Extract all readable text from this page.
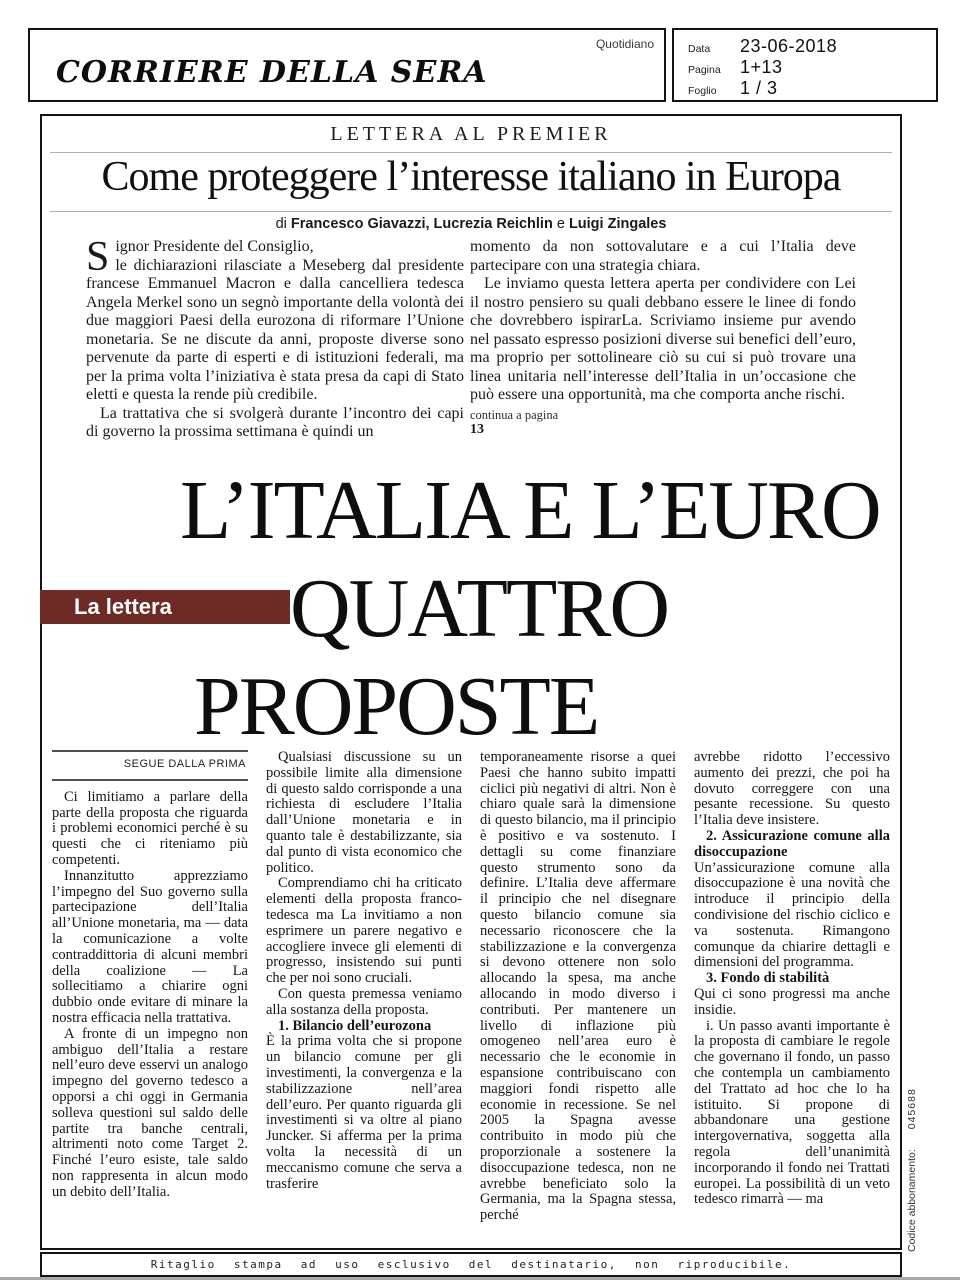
CORRIERE DELLA SERA
Quotidiano	Data	23-06-2018
Pagina	1+13
Foglio	1 / 3
LETTERA AL PREMIER
Come proteggere l’interesse italiano in Europa
di Francesco Giavazzi, Lucrezia Reichlin e Luigi Zingales

Signor Presidente del Consiglio,
le dichiarazioni rilasciate a Meseberg dal presidente francese Emmanuel Macron e dalla cancelliera tedesca Angela Merkel sono un segnò importante della volontà dei due maggiori Paesi della eurozona di riformare l’Unione monetaria. Se ne discute da anni, proposte diverse sono pervenute da parte di esperti e di istituzioni federali, ma per la prima volta l’iniziativa è stata presa da capi di Stato eletti e questa la rende più credibile.

La trattativa che si svolgerà durante l’incontro dei capi di governo la prossima settimana è quindi un

momento da non sottovalutare e a cui l’Italia deve partecipare con una strategia chiara.

Le inviamo questa lettera aperta per condividere con Lei il nostro pensiero su quali debbano essere le linee di fondo che dovrebbero ispirarLa. Scriviamo insieme pur avendo nel passato espresso posizioni diverse sui benefici dell’euro, ma proprio per sottolineare ciò su cui si può trovare una linea unitaria nell’interesse dell’Italia in un’occasione che può essere una opportunità, ma che comporta anche rischi.

continua a pagina
13
L’ITALIA E L’EURO
QUATTRO
PROPOSTE
La lettera
SEGUE DALLA PRIMA

Ci limitiamo a parlare della parte della proposta che riguarda i problemi economici perché è su questi che ci riteniamo più competenti.

Innanzitutto apprezziamo l’impegno del Suo governo sulla partecipazione dell’Italia all’Unione monetaria, ma — data la comunicazione a volte contraddittoria di alcuni membri della coalizione — La sollecitiamo a chiarire ogni dubbio onde evitare di minare la nostra efficacia nella trattativa.

A fronte di un impegno non ambiguo dell’Italia a restare nell’euro deve esservi un analogo impegno del governo tedesco a opporsi a chi oggi in Germania solleva questioni sul saldo delle partite tra banche centrali, altrimenti noto come Target 2. Finché l’euro esiste, tale saldo non rappresenta in alcun modo un debito dell’Italia.

Qualsiasi discussione su un possibile limite alla dimensione di questo saldo corrisponde a una richiesta di escludere l’Italia dall’Unione monetaria e in quanto tale è destabilizzante, sia dal punto di vista economico che politico.

Comprendiamo chi ha criticato elementi della proposta franco-tedesca ma La invitiamo a non esprimere un parere negativo e accogliere invece gli elementi di progresso, insistendo sui punti che per noi sono cruciali.

Con questa premessa veniamo alla sostanza della proposta.

1. Bilancio dell’eurozona

È la prima volta che si propone un bilancio comune per gli investimenti, la convergenza e la stabilizzazione nell’area dell’euro. Per quanto riguarda gli investimenti si va oltre al piano Juncker. Si afferma per la prima volta la necessità di un meccanismo comune che serva a trasferire

temporaneamente risorse a quei Paesi che hanno subito impatti ciclici più negativi di altri. Non è chiaro quale sarà la dimensione di questo bilancio, ma il principio è positivo e va sostenuto. I dettagli su come finanziare questo strumento sono da definire. L’Italia deve affermare il principio che nel disegnare questo bilancio comune sia necessario riconoscere che la stabilizzazione e la convergenza si devono ottenere non solo allocando la spesa, ma anche allocando in modo diverso i contributi. Per mantenere un livello di inflazione più omogeneo nell’area euro è necessario che le economie in espansione contribuiscano con maggiori fondi rispetto alle economie in recessione. Se nel 2005 la Spagna avesse contribuito in modo più che proporzionale a sostenere la disoccupazione tedesca, non ne avrebbe beneficiato solo la Germania, ma la Spagna stessa, perché

avrebbe ridotto l’eccessivo aumento dei prezzi, che poi ha dovuto correggere con una pesante recessione. Su questo l’Italia deve insistere.

2. Assicurazione comune alla disoccupazione

Un’assicurazione comune alla disoccupazione è una novità che introduce il principio della condivisione del rischio ciclico e va sostenuta. Rimangono comunque da chiarire dettagli e dimensioni del programma.

3. Fondo di stabilità

Qui ci sono progressi ma anche insidie.

i. Un passo avanti importante è la proposta di cambiare le regole che governano il fondo, un passo che contempla un cambiamento del Trattato ad hoc che lo ha istituito. Si propone di abbandonare una gestione intergovernativa, soggetta alla regola dell’unanimità incorporando il fondo nei Trattati europei. La possibilità di un veto tedesco rimarrà — ma

Ritaglio stampa ad uso esclusivo del destinatario, non riproducibile.
Codice abbonamento:045688
